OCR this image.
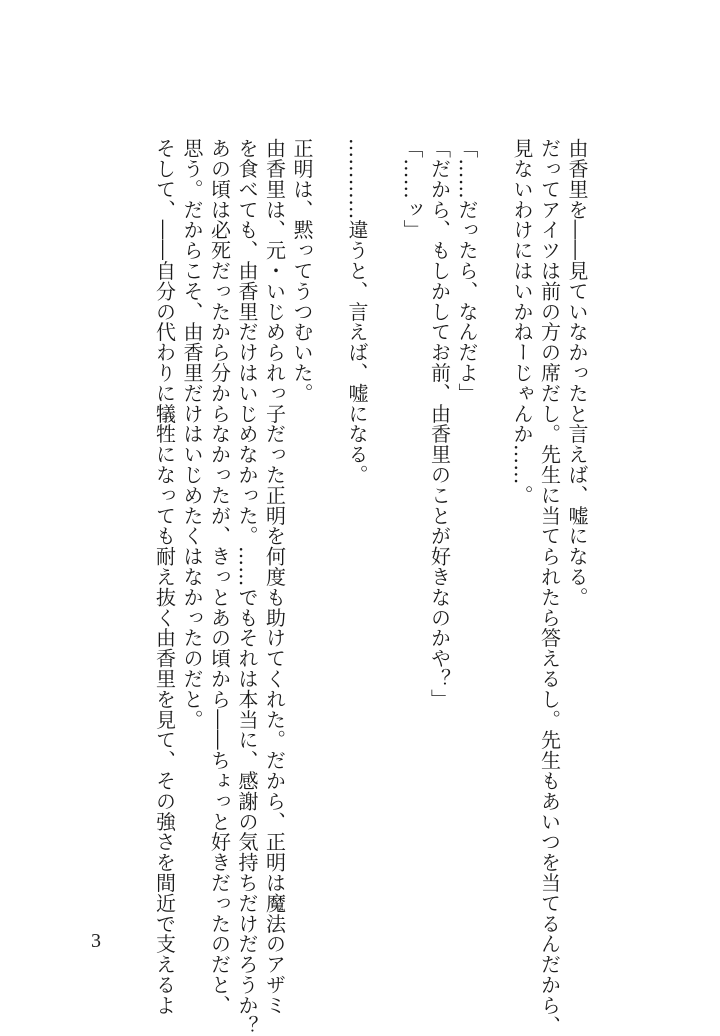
由香里を――見ていなかったと言えば、嘘になる。
だってアイツは前の方の席だし。先生に当てられたら答えるし。先生もあいつを当てるんだから、
見ないわけにはいかねーじゃんか……。
「……だったら、なんだよ」
「だから、もしかしてお前、由香里のことが好きなのかや？」
「……ッ」
…………違うと、言えば、嘘になる。
正明は、黙ってうつむいた。
由香里は、元・いじめられっ子だった正明を何度も助けてくれた。だから、正明は魔法のアザミ
を食べても、由香里だけはいじめなかった。……でもそれは本当に、感謝の気持ちだけだろうか？
あの頃は必死だったから分からなかったが、きっとあの頃から――ちょっと好きだったのだと、
思う。だからこそ、由香里だけはいじめたくはなかったのだと。
そして、――自分の代わりに犠牲になっても耐え抜く由香里を見て、その強さを間近で支えるよ
3
